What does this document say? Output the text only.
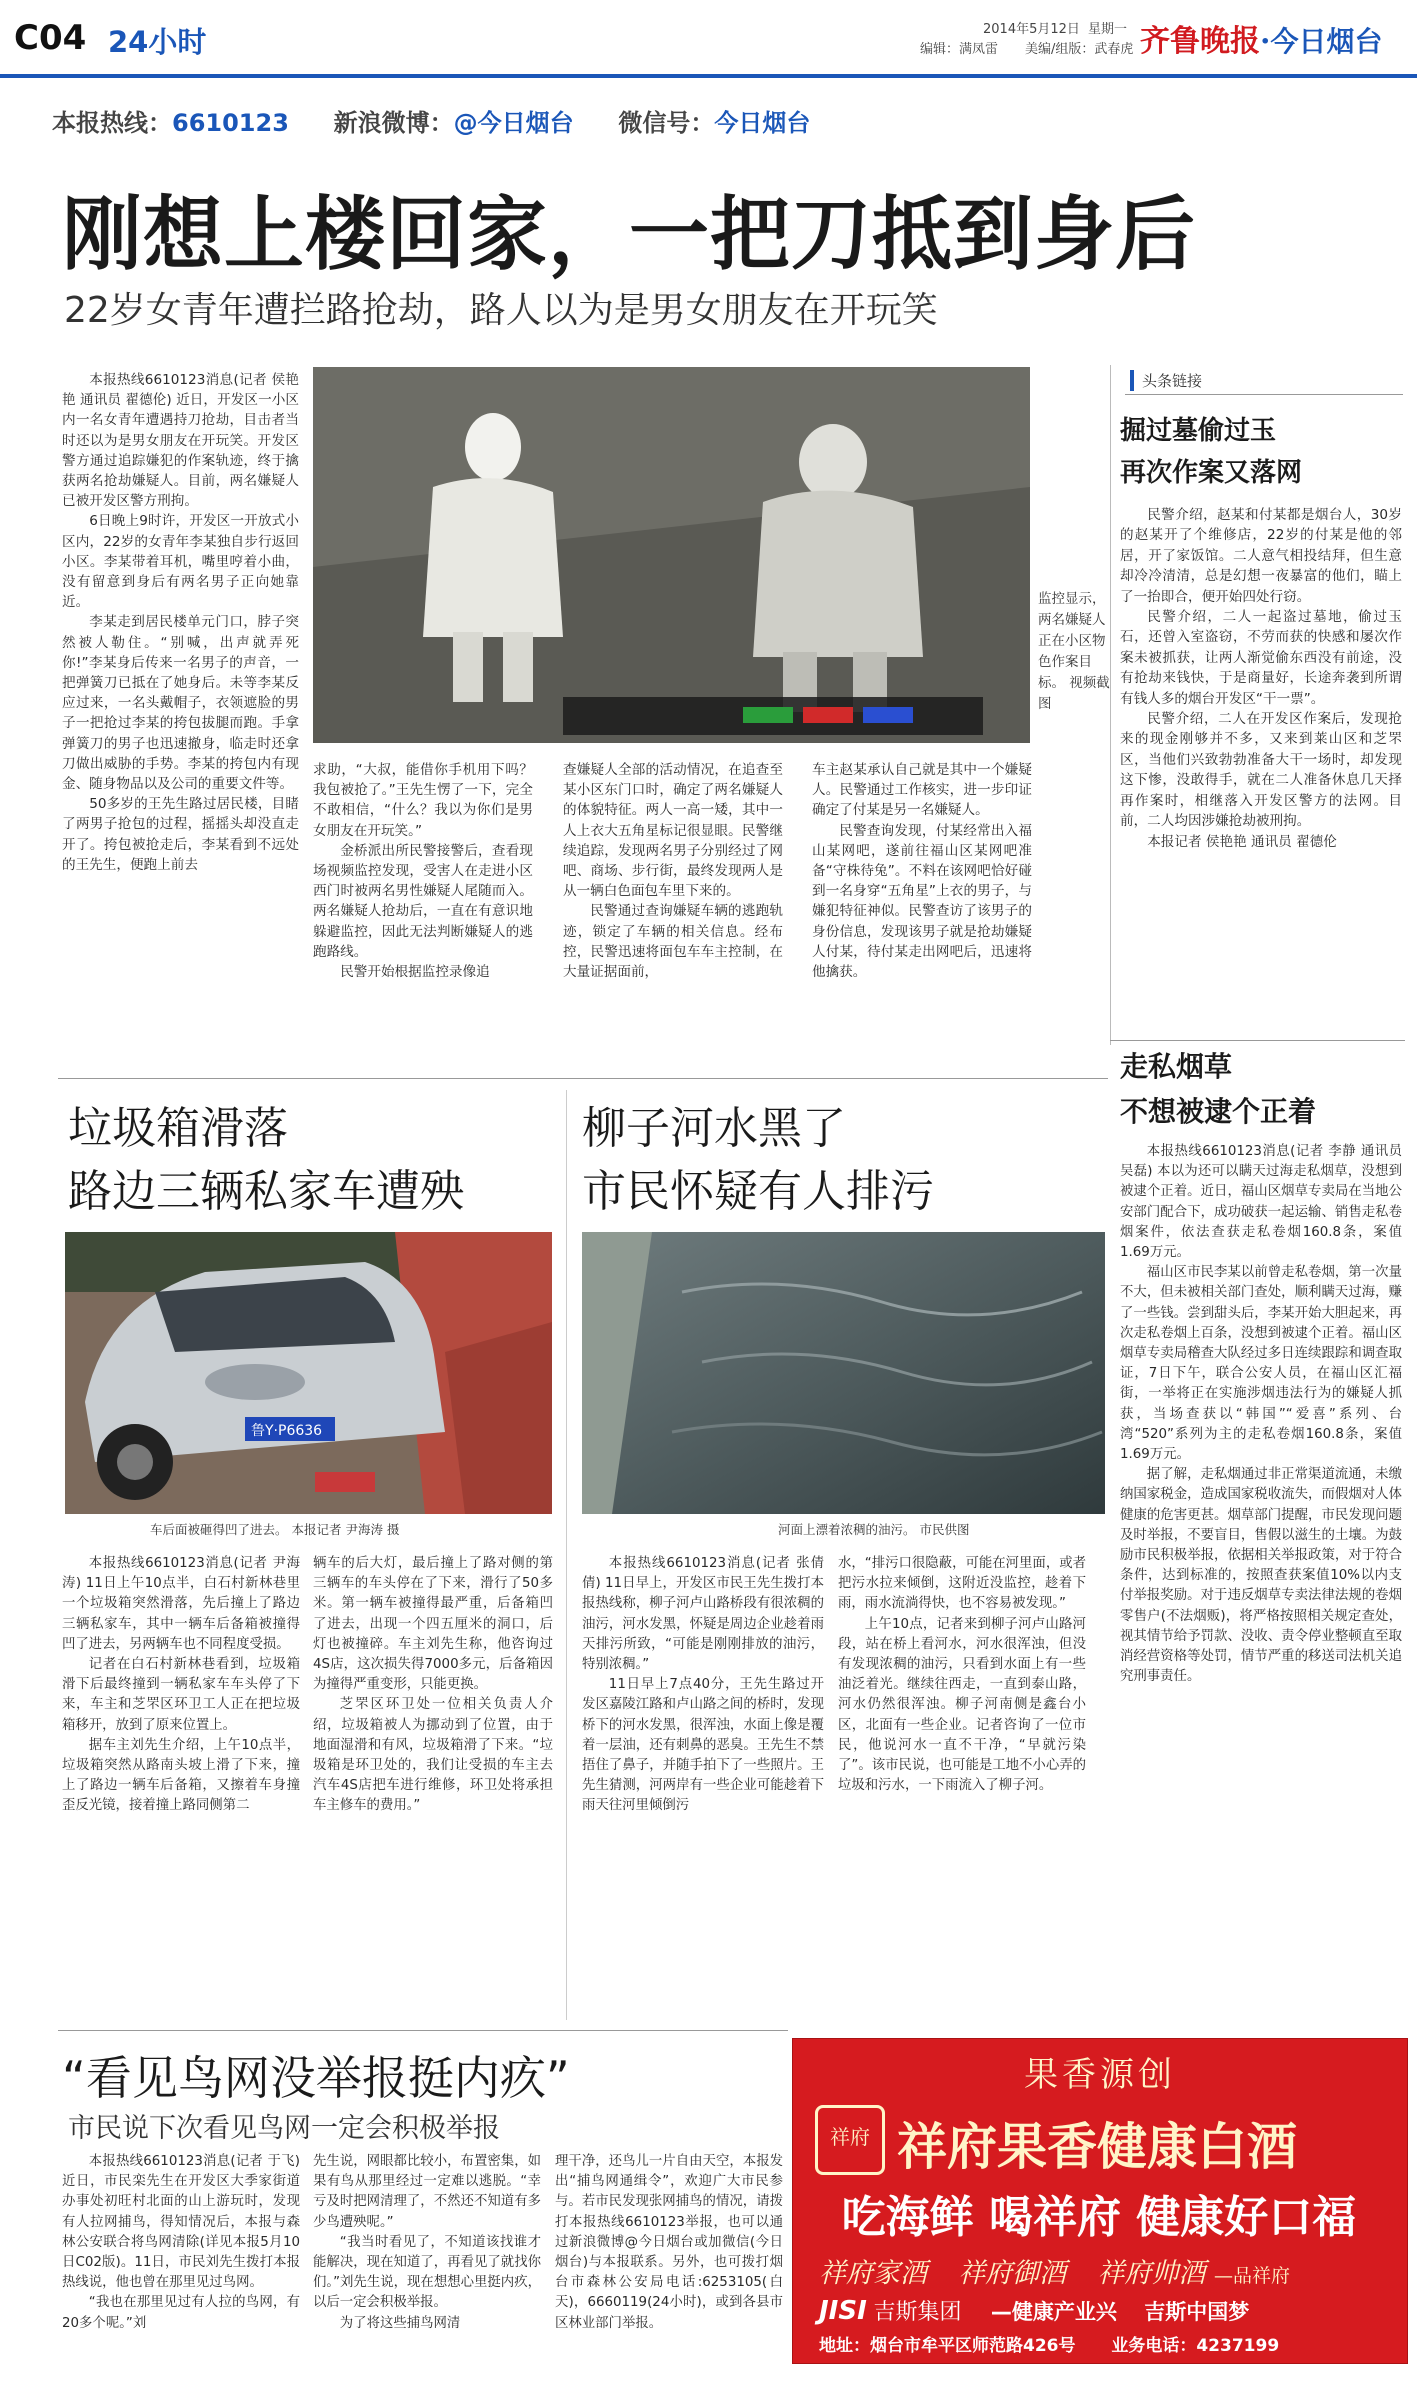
C04 24小时	2014年5月12日 星期一
编辑：满凤雷 美编/组版：武春虎 齐鲁晚报·今日烟台
本报热线：6610123 新浪微博：@今日烟台 微信号：今日烟台
刚想上楼回家，一把刀抵到身后
22岁女青年遭拦路抢劫，路人以为是男女朋友在开玩笑
监控显示，两名嫌疑人正在小区物色作案目标。 视频截图

本报热线6610123消息(记者 侯艳艳 通讯员 翟德伦) 近日，开发区一小区内一名女青年遭遇持刀抢劫，目击者当时还以为是男女朋友在开玩笑。开发区警方通过追踪嫌犯的作案轨迹，终于擒获两名抢劫嫌疑人。目前，两名嫌疑人已被开发区警方刑拘。

6日晚上9时许，开发区一开放式小区内，22岁的女青年李某独自步行返回小区。李某带着耳机，嘴里哼着小曲，没有留意到身后有两名男子正向她靠近。

李某走到居民楼单元门口，脖子突然被人勒住。“别喊，出声就弄死你!”李某身后传来一名男子的声音，一把弹簧刀已抵在了她身后。未等李某反应过来，一名头戴帽子，衣领遮脸的男子一把抢过李某的挎包拔腿而跑。手拿弹簧刀的男子也迅速撤身，临走时还拿刀做出威胁的手势。李某的挎包内有现金、随身物品以及公司的重要文件等。

50多岁的王先生路过居民楼，目睹了两男子抢包的过程，摇摇头却没直走开了。挎包被抢走后，李某看到不远处的王先生，便跑上前去

求助，“大叔，能借你手机用下吗？我包被抢了。”王先生愣了一下，完全不敢相信，“什么？我以为你们是男女朋友在开玩笑。”

金桥派出所民警接警后，查看现场视频监控发现，受害人在走进小区西门时被两名男性嫌疑人尾随而入。两名嫌疑人抢劫后，一直在有意识地躲避监控，因此无法判断嫌疑人的逃跑路线。

民警开始根据监控录像追

查嫌疑人全部的活动情况，在追查至某小区东门口时，确定了两名嫌疑人的体貌特征。两人一高一矮，其中一人上衣大五角星标记很显眼。民警继续追踪，发现两名男子分别经过了网吧、商场、步行街，最终发现两人是从一辆白色面包车里下来的。

民警通过查询嫌疑车辆的逃跑轨迹，锁定了车辆的相关信息。经布控，民警迅速将面包车车主控制，在大量证据面前，

车主赵某承认自己就是其中一个嫌疑人。民警通过工作核实，进一步印证确定了付某是另一名嫌疑人。

民警查询发现，付某经常出入福山某网吧，遂前往福山区某网吧准备“守株待兔”。不料在该网吧恰好碰到一名身穿“五角星”上衣的男子，与嫌犯特征神似。民警查访了该男子的身份信息，发现该男子就是抢劫嫌疑人付某，待付某走出网吧后，迅速将他擒获。

头条链接
掘过墓偷过玉
再次作案又落网

民警介绍，赵某和付某都是烟台人，30岁的赵某开了个维修店，22岁的付某是他的邻居，开了家饭馆。二人意气相投结拜，但生意却冷冷清清，总是幻想一夜暴富的他们，瞄上了一抬即合，便开始四处行窃。

民警介绍，二人一起盗过墓地，偷过玉石，还曾入室盗窃，不劳而获的快感和屡次作案未被抓获，让两人渐觉偷东西没有前途，没有抢劫来钱快，于是商量好，长途奔袭到所谓有钱人多的烟台开发区“干一票”。

民警介绍，二人在开发区作案后，发现抢来的现金刚够并不多，又来到莱山区和芝罘区，当他们兴致勃勃准备大干一场时，却发现这下惨，没敢得手，就在二人准备休息几天择再作案时，相继落入开发区警方的法网。目前，二人均因涉嫌抢劫被刑拘。

本报记者 侯艳艳 通讯员 翟德伦

走私烟草
不想被逮个正着

本报热线6610123消息(记者 李静 通讯员 吴磊) 本以为还可以瞒天过海走私烟草，没想到被逮个正着。近日，福山区烟草专卖局在当地公安部门配合下，成功破获一起运输、销售走私卷烟案件，依法查获走私卷烟160.8条，案值1.69万元。

福山区市民李某以前曾走私卷烟，第一次量不大，但未被相关部门查处，顺利瞒天过海，赚了一些钱。尝到甜头后，李某开始大胆起来，再次走私卷烟上百条，没想到被逮个正着。福山区烟草专卖局稽查大队经过多日连续跟踪和调查取证，7日下午，联合公安人员，在福山区汇福街，一举将正在实施涉烟违法行为的嫌疑人抓获，当场查获以“韩国”“爱喜”系列、台湾“520”系列为主的走私卷烟160.8条，案值1.69万元。

据了解，走私烟通过非正常渠道流通，未缴纳国家税金，造成国家税收流失，而假烟对人体健康的危害更甚。烟草部门提醒，市民发现问题及时举报，不要盲目，售假以滋生的土壤。为鼓励市民积极举报，依据相关举报政策，对于符合条件，达到标准的，按照查获案值10%以内支付举报奖励。对于违反烟草专卖法律法规的卷烟零售户(不法烟贩)，将严格按照相关规定查处，视其情节给予罚款、没收、责令停业整顿直至取消经营资格等处罚，情节严重的移送司法机关追究刑事责任。

垃圾箱滑落
路边三辆私家车遭殃
鲁Y·P6636
车后面被砸得凹了进去。 本报记者 尹海涛 摄

本报热线6610123消息(记者 尹海涛) 11日上午10点半，白石村新林巷里一个垃圾箱突然滑落，先后撞上了路边三辆私家车，其中一辆车后备箱被撞得凹了进去，另两辆车也不同程度受损。

记者在白石村新林巷看到，垃圾箱滑下后最终撞到一辆私家车车头停了下来，车主和芝罘区环卫工人正在把垃圾箱移开，放到了原来位置上。

据车主刘先生介绍，上午10点半，垃圾箱突然从路南头坡上滑了下来，撞上了路边一辆车后备箱，又擦着车身撞歪反光镜，接着撞上路同侧第二

辆车的后大灯，最后撞上了路对侧的第三辆车的车头停在了下来，滑行了50多米。第一辆车被撞得最严重，后备箱凹了进去，出现一个四五厘米的洞口，后灯也被撞碎。车主刘先生称，他咨询过4S店，这次损失得7000多元，后备箱因为撞得严重变形，只能更换。

芝罘区环卫处一位相关负责人介绍，垃圾箱被人为挪动到了位置，由于地面湿滑和有风，垃圾箱滑了下来。“垃圾箱是环卫处的，我们让受损的车主去汽车4S店把车进行维修，环卫处将承担车主修车的费用。”

柳子河水黑了
市民怀疑有人排污
河面上漂着浓稠的油污。 市民供图

本报热线6610123消息(记者 张倩倩) 11日早上，开发区市民王先生拨打本报热线称，柳子河卢山路桥段有很浓稠的油污，河水发黑，怀疑是周边企业趁着雨天排污所致，“可能是刚刚排放的油污，特别浓稠。”

11日早上7点40分，王先生路过开发区嘉陵江路和卢山路之间的桥时，发现桥下的河水发黑，很浑浊，水面上像是覆着一层油，还有刺鼻的恶臭。王先生不禁捂住了鼻子，并随手拍下了一些照片。王先生猜测，河两岸有一些企业可能趁着下雨天往河里倾倒污

水，“排污口很隐蔽，可能在河里面，或者把污水拉来倾倒，这附近没监控，趁着下雨，雨水流淌得快，也不容易被发现。”

上午10点，记者来到柳子河卢山路河段，站在桥上看河水，河水很浑浊，但没有发现浓稠的油污，只看到水面上有一些油泛着光。继续往西走，一直到泰山路，河水仍然很浑浊。柳子河南侧是鑫台小区，北面有一些企业。记者咨询了一位市民，他说河水一直不干净，“早就污染了”。该市民说，也可能是工地不小心弄的垃圾和污水，一下雨流入了柳子河。

“看见鸟网没举报挺内疚”
市民说下次看见鸟网一定会积极举报

本报热线6610123消息(记者 于飞) 近日，市民栾先生在开发区大季家街道办事处初旺村北面的山上游玩时，发现有人拉网捕鸟，得知情况后，本报与森林公安联合将鸟网清除(详见本报5月10日C02版)。11日，市民刘先生拨打本报热线说，他也曾在那里见过鸟网。

“我也在那里见过有人拉的鸟网，有20多个呢。”刘

先生说，网眼都比较小，布置密集，如果有鸟从那里经过一定难以逃脱。“幸亏及时把网清理了，不然还不知道有多少鸟遭殃呢。”

“我当时看见了，不知道该找谁才能解决，现在知道了，再看见了就找你们。”刘先生说，现在想想心里挺内疚，以后一定会积极举报。

为了将这些捕鸟网清

理干净，还鸟儿一片自由天空，本报发出“捕鸟网通缉令”，欢迎广大市民参与。若市民发现张网捕鸟的情况，请拨打本报热线6610123举报，也可以通过新浪微博@今日烟台或加微信(今日烟台)与本报联系。另外，也可拨打烟台市森林公安局电话:6253105(白天)，6660119(24小时)，或到各县市区林业部门举报。

果香源创
祥府 祥府果香健康白酒
吃海鲜 喝祥府 健康好口福
祥府家酒 祥府御酒 祥府帅酒 —品祥府
JISI 吉斯集团 —健康产业兴 吉斯中国梦
地址：烟台市牟平区师范路426号 业务电话：4237199
